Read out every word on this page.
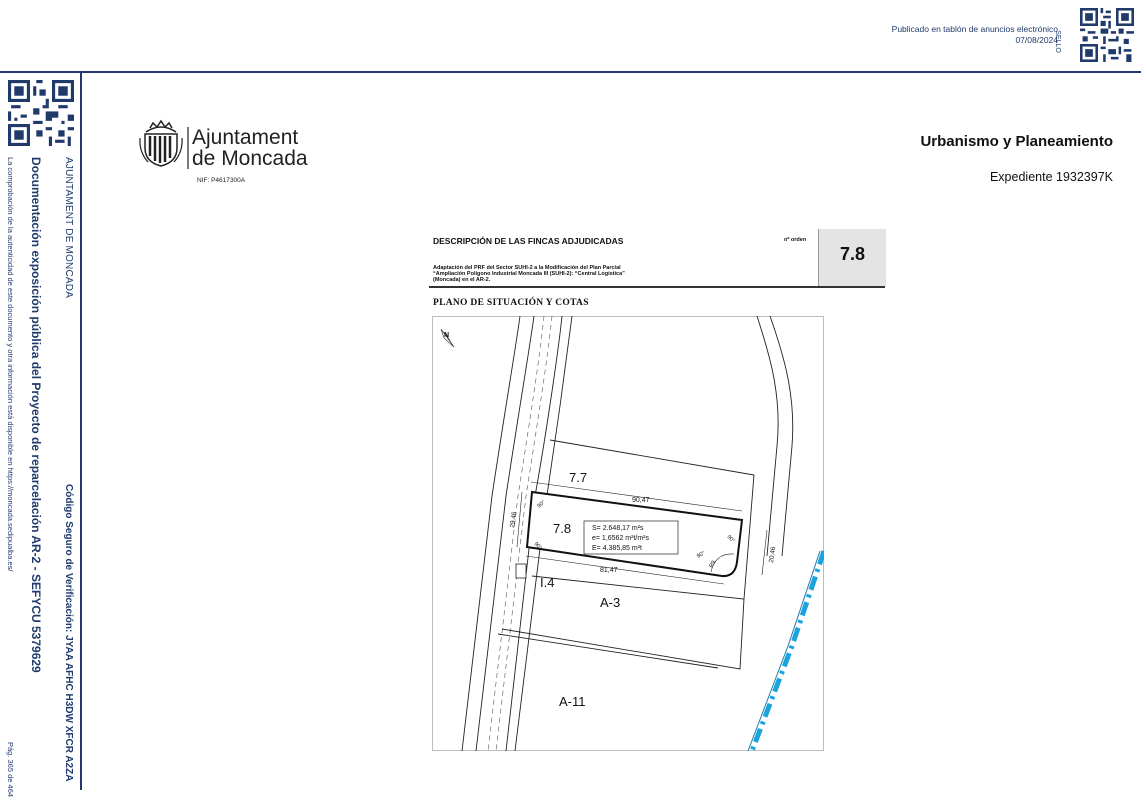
Publicado en tablón de anuncios electrónico
07/08/2024
SELLO
AJUNTAMENT DE MONCADA
Código Seguro de Verificación: JYAA AFHC H3DW XFCR A2ZA
Documentación exposición pública del Proyecto de reparcelación AR-2 - SEFYCU 5379629
La comprobación de la autenticidad de este documento y otra información está disponible en https://moncada.sedipualba.es/
Pág. 365 de 464
Ajuntament
de Moncada
NIF: P4617300A
Urbanismo y Planeamiento
Expediente 1932397K
DESCRIPCIÓN DE LAS FINCAS ADJUDICADAS
Adaptación del PRF del Sector SUHI-2 a la Modificación del Plan Parcial
“Ampliación Polígono Industrial Moncada III (SUHI-2): “Central Logística”
(Moncada) en el AR-2.
nº orden
7.8
PLANO DE SITUACIÓN Y COTAS
N
7.7
7.8
I.4
A-3
A-11
90,47
81,47
29,46
20,46
90°
90°
90°
90°
R9
S= 2.648,17 m²s
e= 1,6562 m²t/m²s
E= 4.385,85 m²t
